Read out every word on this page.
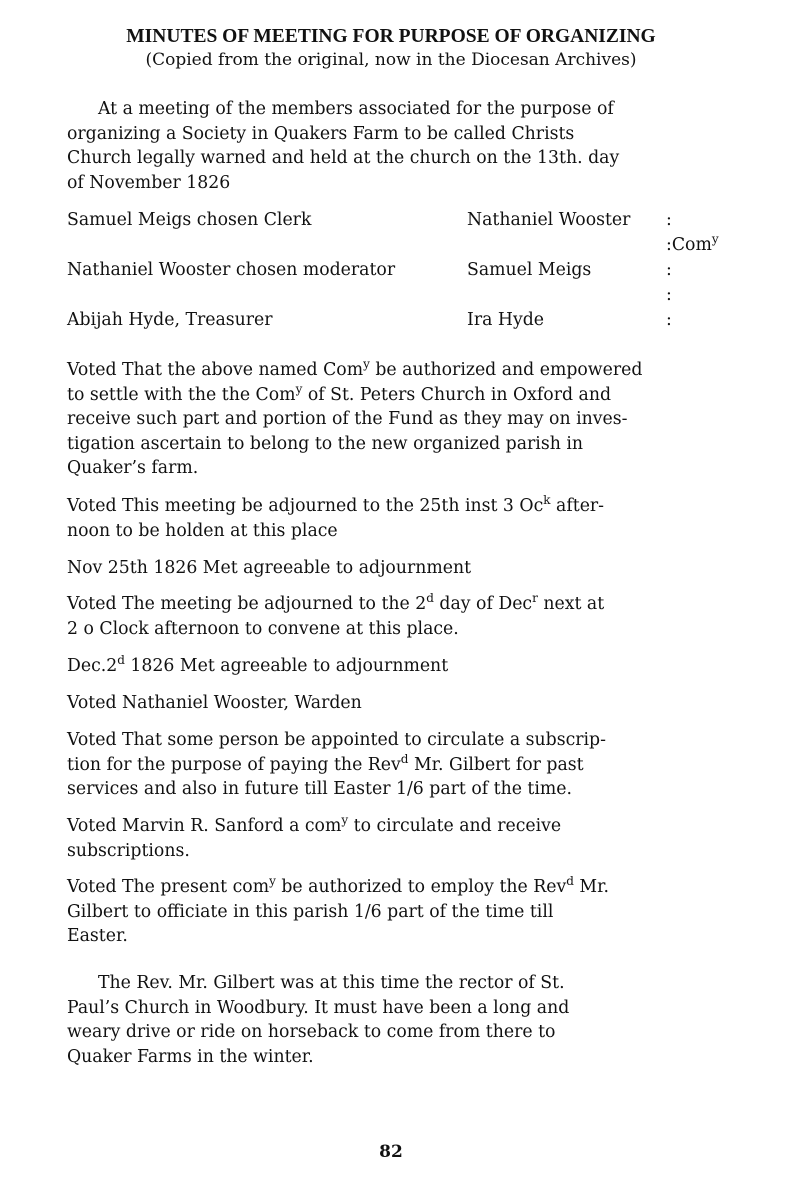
MINUTES OF MEETING FOR PURPOSE OF ORGANIZING
(Copied from the original, now in the Diocesan Archives)
At a meeting of the members associated for the purpose of
organizing a Society in Quakers Farm to be called Christs
Church legally warned and held at the church on the 13th. day
of November 1826
Samuel Meigs chosen Clerk	Nathaniel Wooster :
:Com$^y$
Nathaniel Wooster chosen moderator	Samuel Meigs	:
:
Abijah Hyde, Treasurer	Ira Hyde	:
Voted That the above named Com$^y$ be authorized and empowered
to settle with the the Com$^y$ of St. Peters Church in Oxford and
receive such part and portion of the Fund as they may on inves-
tigation ascertain to belong to the new organized parish in
Quaker’s farm.
Voted This meeting be adjourned to the 25th inst 3 Oc$^k$ after-
noon to be holden at this place
Nov 25th 1826 Met agreeable to adjournment
Voted The meeting be adjourned to the 2$^d$ day of Dec$^r$ next at
2 o Clock afternoon to convene at this place.
Dec.2$^d$ 1826 Met agreeable to adjournment
Voted Nathaniel Wooster, Warden
Voted That some person be appointed to circulate a subscrip-
tion for the purpose of paying the Rev$^d$ Mr. Gilbert for past
services and also in future till Easter 1/6 part of the time.
Voted Marvin R. Sanford a com$^y$ to circulate and receive
subscriptions.
Voted The present com$^y$ be authorized to employ the Rev$^d$ Mr.
Gilbert to officiate in this parish 1/6 part of the time till
Easter.
The Rev. Mr. Gilbert was at this time the rector of St.
Paul’s Church in Woodbury. It must have been a long and
weary drive or ride on horseback to come from there to
Quaker Farms in the winter.
82
